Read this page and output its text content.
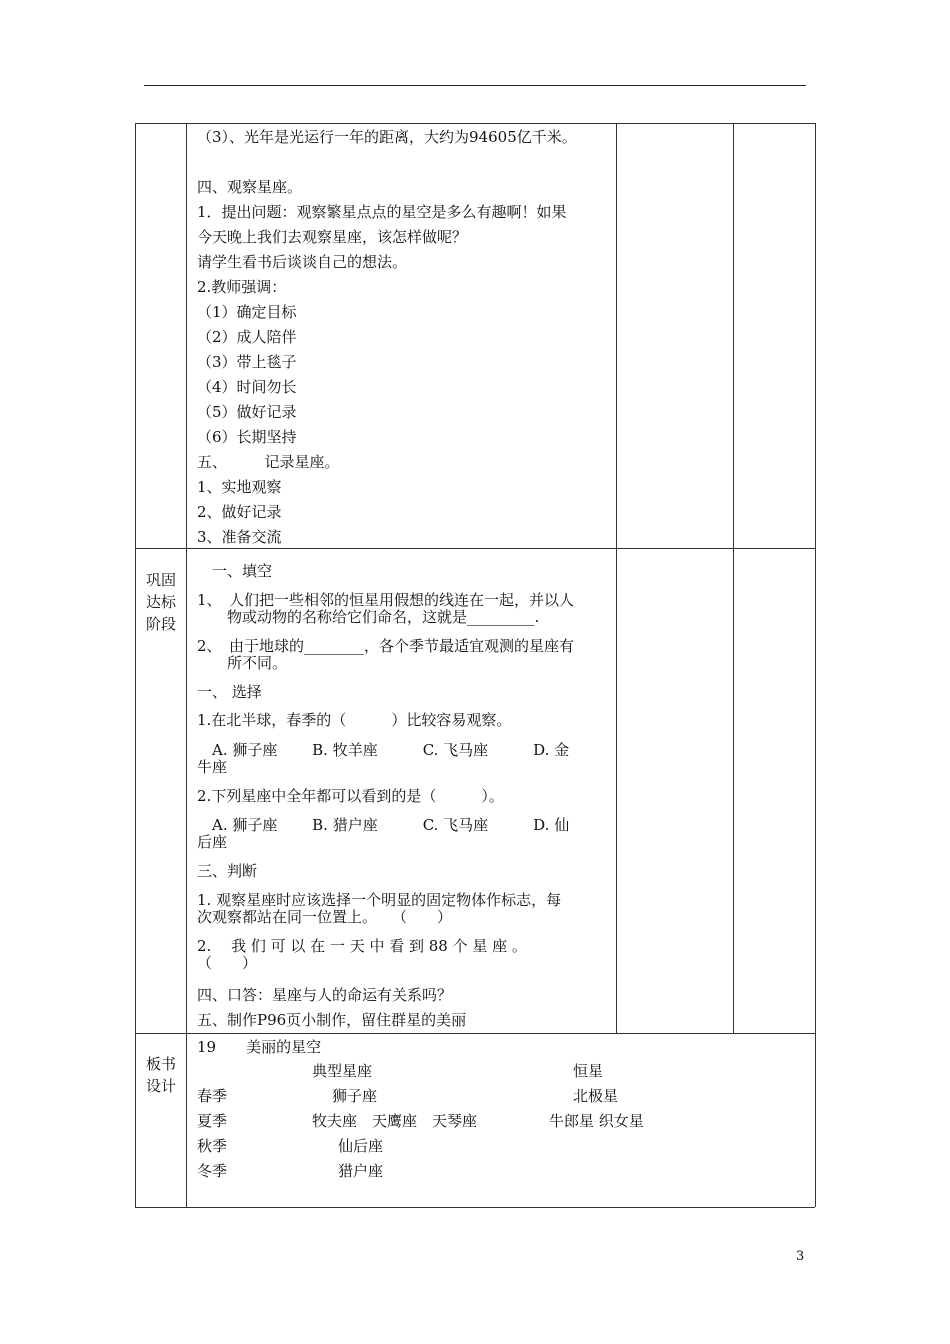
（3）、光年是光运行一年的距离，大约为94605亿千米。
四、观察星座。
1．提出问题：观察繁星点点的星空是多么有趣啊！如果
今天晚上我们去观察星座，该怎样做呢？
请学生看书后谈谈自己的想法。
2.教师强调：
（1）确定目标
（2）成人陪伴
（3）带上毯子
（4）时间勿长
（5）做好记录
（6）长期坚持
五、　　　记录星座。
1、实地观察
2、做好记录
3、准备交流
巩固
达标
阶段
　一、填空
1、　人们把一些相邻的恒星用假想的线连在一起，并以人
　　物或动物的名称给它们命名，这就是_________.
2、　由于地球的________，各个季节最适宜观测的星座有
　　所不同。
一、 选择
1.在北半球，春季的（　　　）比较容易观察。
　A. 狮子座　　 B. 牧羊座　　　C. 飞马座　　　D. 金
牛座
2.下列星座中全年都可以看到的是（　　　）。
　A. 狮子座　　 B. 猎户座　　　C. 飞马座　　　D. 仙
后座
三、判断
1. 观察星座时应该选择一个明显的固定物体作标志，每
次观察都站在同一位置上。　　（　　）
2.　 我 们 可 以 在 一 天 中 看 到 88 个 星 座 。
（　　）
四、口答：星座与人的命运有关系吗？
五、制作P96页小制作，留住群星的美丽
板书
设计
19　　美丽的星空
典型星座	恒星
春季	狮子座	北极星
夏季	牧夫座　天鹰座　天琴座	牛郎星 织女星
秋季	仙后座
冬季	猎户座
3
